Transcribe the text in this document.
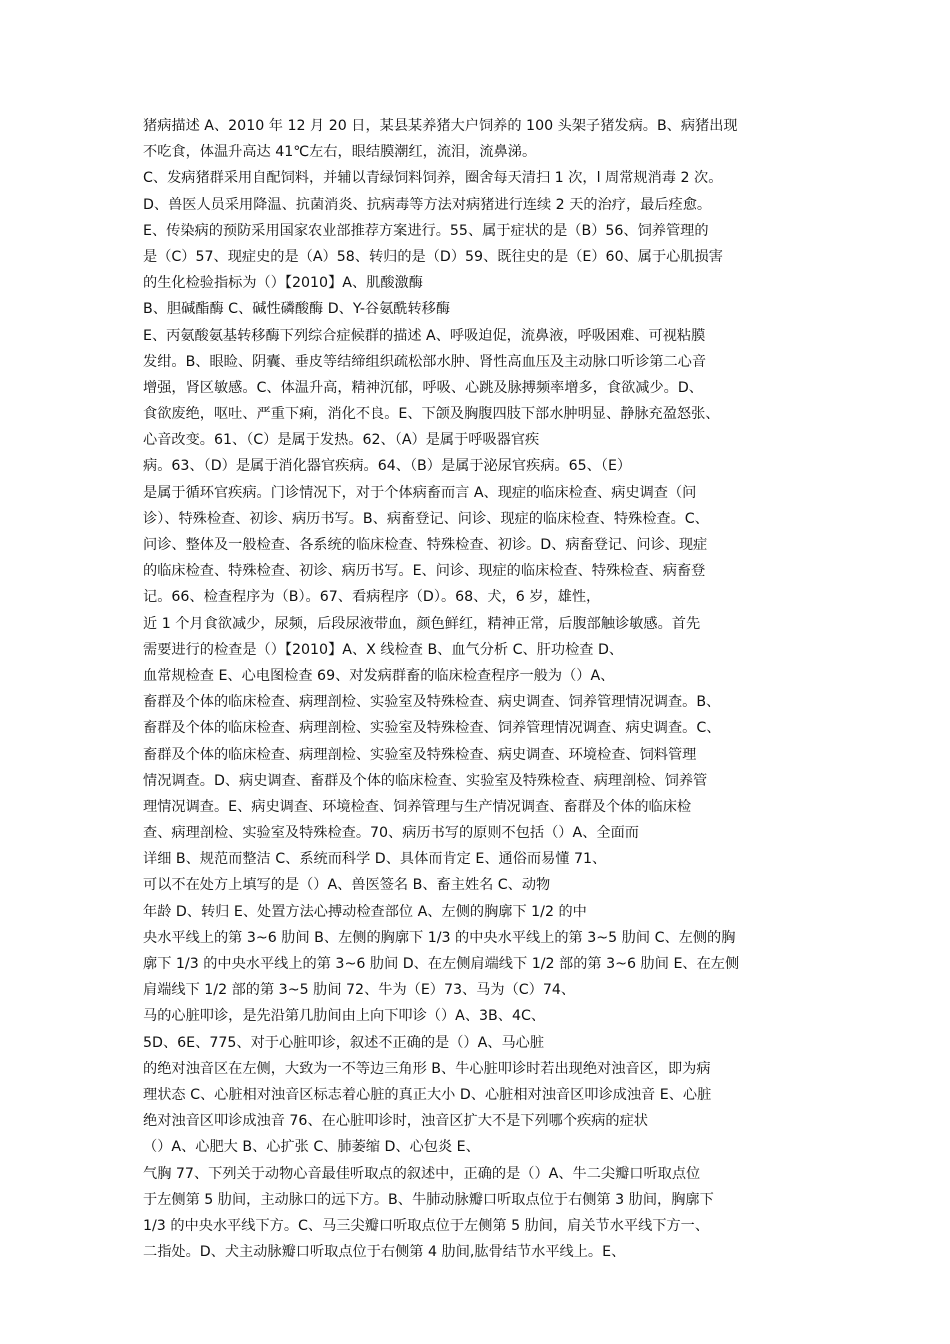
猪病描述 A、2010 年 12 月 20 日，某县某养猪大户饲养的 100 头架子猪发病。B、病猪出现
不吃食，体温升高达 41℃左右，眼结膜潮红，流泪，流鼻涕。
C、发病猪群采用自配饲料，并辅以青绿饲料饲养，圈舍每天清扫 1 次，l 周常规消毒 2 次。
D、兽医人员采用降温、抗菌消炎、抗病毒等方法对病猪进行连续 2 天的治疗，最后痊愈。
E、传染病的预防采用国家农业部推荐方案进行。55、属于症状的是（B）56、饲养管理的
是（C）57、现症史的是（A）58、转归的是（D）59、既往史的是（E）60、属于心肌损害
的生化检验指标为（）【2010】A、肌酸激酶
B、胆碱酯酶 C、碱性磷酸酶 D、Y-谷氨酰转移酶
E、丙氨酸氨基转移酶下列综合症候群的描述 A、呼吸迫促，流鼻液，呼吸困难、可视粘膜
发绀。B、眼睑、阴囊、垂皮等结缔组织疏松部水肿、肾性高血压及主动脉口听诊第二心音
增强，肾区敏感。C、体温升高，精神沉郁，呼吸、心跳及脉搏频率增多，食欲减少。D、
食欲废绝，呕吐、严重下痢，消化不良。E、下颌及胸腹四肢下部水肿明显、静脉充盈怒张、
心音改变。61、（C）是属于发热。62、（A）是属于呼吸器官疾
病。63、（D）是属于消化器官疾病。64、（B）是属于泌尿官疾病。65、（E）
是属于循环官疾病。门诊情况下，对于个体病畜而言 A、现症的临床检查、病史调查（问
诊）、特殊检查、初诊、病历书写。B、病畜登记、问诊、现症的临床检查、特殊检查。C、
问诊、整体及一般检查、各系统的临床检查、特殊检查、初诊。D、病畜登记、问诊、现症
的临床检查、特殊检查、初诊、病历书写。E、问诊、现症的临床检查、特殊检查、病畜登
记。66、检查程序为（B）。67、看病程序（D）。68、犬，6 岁，雄性，
近 1 个月食欲减少，尿频，后段尿液带血，颜色鲜红，精神正常，后腹部触诊敏感。首先
需要进行的检查是（）【2010】A、X 线检查 B、血气分析 C、肝功检查 D、
血常规检查 E、心电图检查 69、对发病群畜的临床检查程序一般为（）A、
畜群及个体的临床检查、病理剖检、实验室及特殊检查、病史调查、饲养管理情况调查。B、
畜群及个体的临床检查、病理剖检、实验室及特殊检查、饲养管理情况调查、病史调查。C、
畜群及个体的临床检查、病理剖检、实验室及特殊检查、病史调查、环境检查、饲料管理
情况调查。D、病史调查、畜群及个体的临床检查、实验室及特殊检查、病理剖检、饲养管
理情况调查。E、病史调查、环境检查、饲养管理与生产情况调查、畜群及个体的临床检
查、病理剖检、实验室及特殊检查。70、病历书写的原则不包括（）A、全面而
详细 B、规范而整洁 C、系统而科学 D、具体而肯定 E、通俗而易懂 71、
可以不在处方上填写的是（）A、兽医签名 B、畜主姓名 C、动物
年龄 D、转归 E、处置方法心搏动检查部位 A、左侧的胸廓下 1/2 的中
央水平线上的第 3~6 肋间 B、左侧的胸廓下 1/3 的中央水平线上的第 3~5 肋间 C、左侧的胸
廓下 1/3 的中央水平线上的第 3~6 肋间 D、在左侧肩端线下 1/2 部的第 3~6 肋间 E、在左侧
肩端线下 1/2 部的第 3~5 肋间 72、牛为（E）73、马为（C）74、
马的心脏叩诊，是先沿第几肋间由上向下叩诊（）A、3B、4C、
5D、6E、775、对于心脏叩诊，叙述不正确的是（）A、马心脏
的绝对浊音区在左侧，大致为一不等边三角形 B、牛心脏叩诊时若出现绝对浊音区，即为病
理状态 C、心脏相对浊音区标志着心脏的真正大小 D、心脏相对浊音区叩诊成浊音 E、心脏
绝对浊音区叩诊成浊音 76、在心脏叩诊时，浊音区扩大不是下列哪个疾病的症状
（）A、心肥大 B、心扩张 C、肺萎缩 D、心包炎 E、
气胸 77、下列关于动物心音最佳听取点的叙述中，正确的是（）A、牛二尖瓣口听取点位
于左侧第 5 肋间，主动脉口的远下方。B、牛肺动脉瓣口听取点位于右侧第 3 肋间，胸廓下
1/3 的中央水平线下方。C、马三尖瓣口听取点位于左侧第 5 肋间，肩关节水平线下方一、
二指处。D、犬主动脉瓣口听取点位于右侧第 4 肋间,肱骨结节水平线上。E、
